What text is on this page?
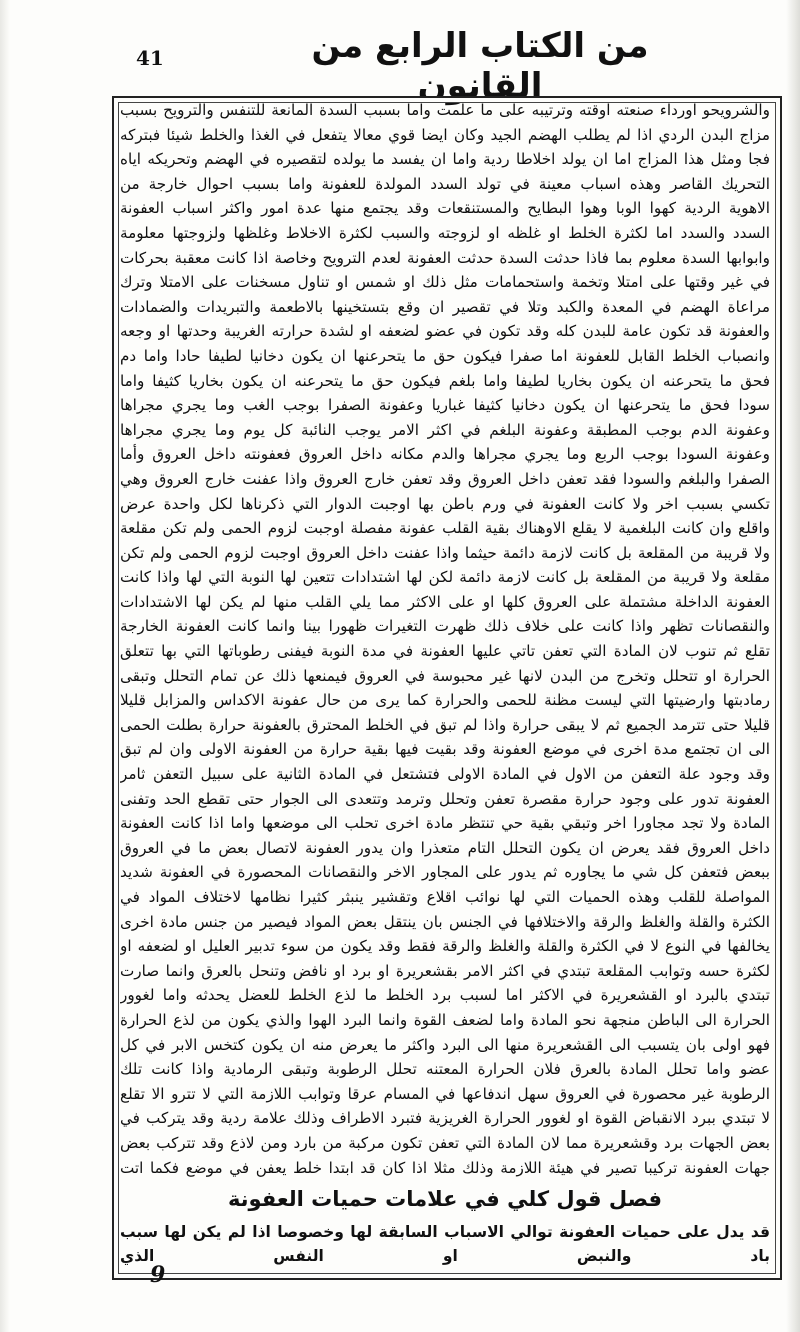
41	من الكتاب الرابع من القانون
والشرويحو اورداء صنعته اوقته وترتيبه على ما علمت واما بسبب السدة المانعة للتنفس والترويح بسبب مزاج البدن الردي اذا لم يطلب الهضم الجيد وكان ايضا قوي معالا يتفعل في الغذا والخلط شيئا فبتركه فجا ومثل هذا المزاج اما ان يولد اخلاطا ردية واما ان يفسد ما يولده لتقصيره في الهضم وتحريكه اياه التحريك القاصر وهذه اسباب معينة في تولد السدد المولدة للعفونة واما بسبب احوال خارجة من الاهوية الردية كهوا الوبا وهوا البطايح والمستنقعات وقد يجتمع منها عدة امور واكثر اسباب العفونة السدد والسدد اما لكثرة الخلط او غلظه او لزوجته والسبب لكثرة الاخلاط وغلظها ولزوجتها معلومة وابوابها السدة معلوم بما فاذا حدثت السدة حدثت العفونة لعدم الترويح وخاصة اذا كانت معقبة بحركات في غير وقتها على امتلا وتخمة واستحمامات مثل ذلك او شمس او تناول مسخنات على الامتلا وترك مراعاة الهضم في المعدة والكبد وتلا في تقصير ان وقع بتستخينها بالاطعمة والتبريدات والضمادات والعفونة قد تكون عامة للبدن كله وقد تكون في عضو لضعفه او لشدة حرارته الغريبة وحدتها او وجعه وانصباب الخلط القابل للعفونة اما صفرا فيكون حق ما يتحرعنها ان يكون دخانيا لطيفا حادا واما دم فحق ما يتحرعنه ان يكون بخاريا لطيفا واما بلغم فيكون حق ما يتحرعنه ان يكون بخاريا كثيفا واما سودا فحق ما يتحرعنها ان يكون دخانيا كثيفا غباريا وعفونة الصفرا بوجب الغب وما يجري مجراها وعفونة الدم بوجب المطبقة وعفونة البلغم في اكثر الامر يوجب النائبة كل يوم وما يجري مجراها وعفونة السودا بوجب الربع وما يجري مجراها والدم مكانه داخل العروق فعفونته داخل العروق وأما الصفرا والبلغم والسودا فقد تعفن داخل العروق وقد تعفن خارج العروق واذا عفنت خارج العروق وهي تكسي بسبب اخر ولا كانت العفونة في ورم باطن بها اوجبت الدوار التي ذكرناها لكل واحدة عرض واقلع وان كانت البلغمية لا يقلع الاوهناك بقية القلب عفونة مفصلة اوجبت لزوم الحمى ولم تكن مقلعة ولا قريبة من المقلعة بل كانت لازمة دائمة حيثما واذا عفنت داخل العروق اوجبت لزوم الحمى ولم تكن مقلعة ولا قريبة من المقلعة بل كانت لازمة دائمة لكن لها اشتدادات تتعين لها النوبة التي لها واذا كانت العفونة الداخلة مشتملة على العروق كلها او على الاكثر مما يلي القلب منها لم يكن لها الاشتدادات والنقصانات تظهر واذا كانت على خلاف ذلك ظهرت التغيرات ظهورا بينا وانما كانت العفونة الخارجة تقلع ثم تنوب لان المادة التي تعفن تاتي عليها العفونة في مدة النوبة فيفنى رطوباتها التي بها تتعلق الحرارة او تتحلل وتخرج من البدن لانها غير محبوسة في العروق فيمنعها ذلك عن تمام التحلل وتبقى رمادبتها وارضيتها التي ليست مظنة للحمى والحرارة كما يرى من حال عفونة الاكداس والمزابل قليلا قليلا حتى تترمد الجميع ثم لا يبقى حرارة واذا لم تبق في الخلط المحترق بالعفونة حرارة بطلت الحمى الى ان تجتمع مدة اخرى في موضع العفونة وقد بقيت فيها بقية حرارة من العفونة الاولى وان لم تبق وقد وجود علة التعفن من الاول في المادة الاولى فتشتعل في المادة الثانية على سبيل التعفن ثامر العفونة تدور على وجود حرارة مقصرة تعفن وتحلل وترمد وتتعدى الى الجوار حتى تقطع الحد وتفنى المادة ولا تجد مجاورا اخر وتبقي بقية حي تنتظر مادة اخرى تحلب الى موضعها واما اذا كانت العفونة داخل العروق فقد يعرض ان يكون التحلل التام متعذرا وان يدور العفونة لاتصال بعض ما في العروق ببعض فتعفن كل شي ما يجاوره ثم يدور على المجاور الاخر والنقصانات المحصورة في العفونة شديد المواصلة للقلب وهذه الحميات التي لها نوائب اقلاع وتقشير ينبثر كثيرا نظامها لاختلاف المواد في الكثرة والقلة والغلظ والرقة والاختلافها في الجنس بان ينتقل بعض المواد فيصير من جنس مادة اخرى يخالفها في النوع لا في الكثرة والقلة والغلظ والرقة فقط وقد يكون من سوء تدبير العليل او لضعفه او لكثرة حسه وتوابب المقلعة تبتدي في اكثر الامر بقشعريرة او برد او نافض وتنحل بالعرق وانما صارت تبتدي بالبرد او القشعريرة في الاكثر اما لسبب برد الخلط ما لذع الخلط للعضل يحدثه واما لغوور الحرارة الى الباطن منجهة نحو المادة واما لضعف القوة وانما البرد الهوا والذي يكون من لذع الحرارة فهو اولى بان يتسبب الى القشعريرة منها الى البرد واكثر ما يعرض منه ان يكون كتخس الابر في كل عضو واما تحلل المادة بالعرق فلان الحرارة المعتنه تحلل الرطوبة وتبقى الرمادية واذا كانت تلك الرطوبة غير محصورة في العروق سهل اندفاعها في المسام عرقا وتوابب اللازمة التي لا تترو الا تقلع لا تبتدي ببرد الانقباض القوة او لغوور الحرارة الغريزية فتبرد الاطراف وذلك علامة ردية وقد يتركب في بعض الجهات برد وقشعريرة مما لان المادة التي تعفن تكون مركبة من بارد ومن لاذع وقد تتركب بعض جهات العفونة تركيبا تصير في هيئة اللازمة وذلك مثلا اذا كان قد ابتدا خلط يعفن في موضع فكما اتت
فصل قول كلي في علامات حميات العفونة
قد يدل على حميات العفونة توالي الاسباب السابقة لها وخصوصا اذا لم يكن لها سبب باد والنبض او النفس الذي
9
